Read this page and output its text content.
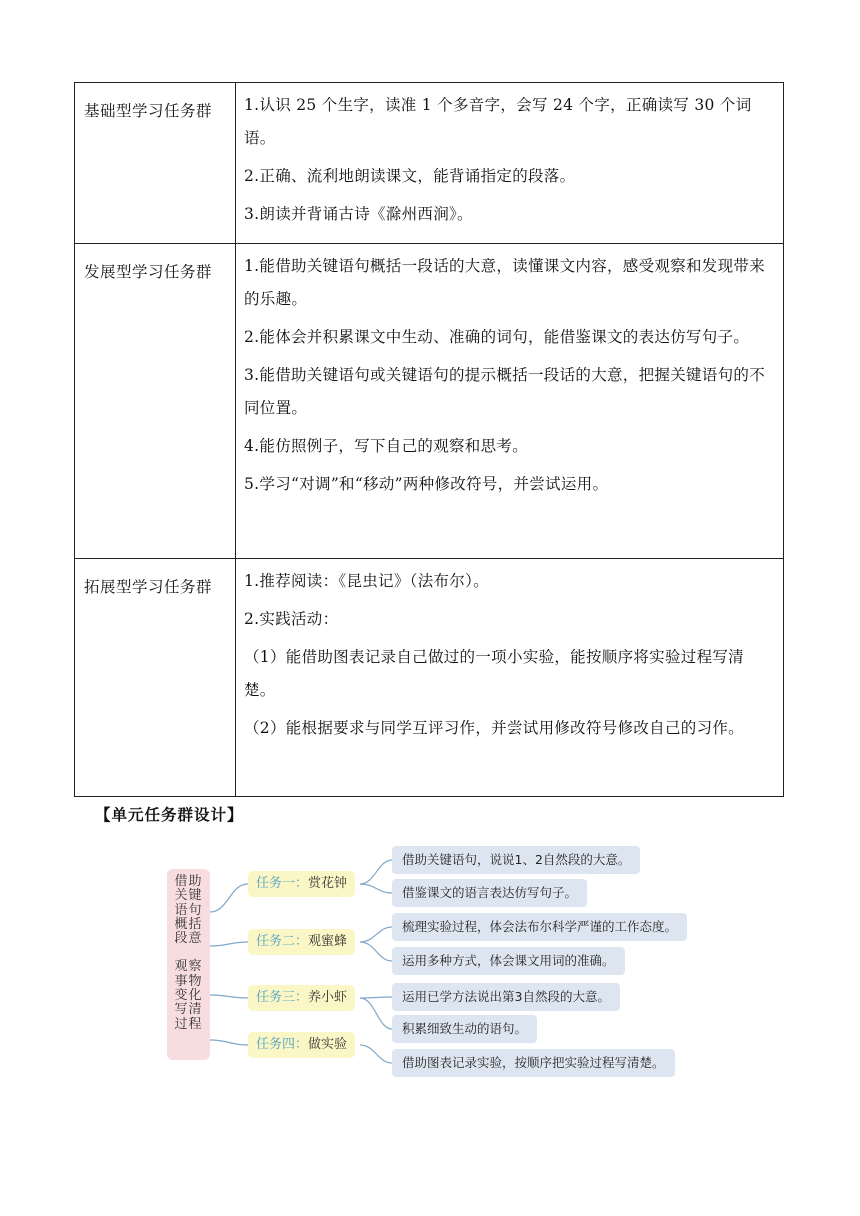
基础型学习任务群	1.认识 25 个生字，读准 1 个多音字，会写 24 个字，正确读写 30 个词语。
2.正确、流利地朗读课文，能背诵指定的段落。
3.朗读并背诵古诗《滁州西涧》。

发展型学习任务群	1.能借助关键语句概括一段话的大意，读懂课文内容，感受观察和发现带来的乐趣。
2.能体会并积累课文中生动、准确的词句，能借鉴课文的表达仿写句子。
3.能借助关键语句或关键语句的提示概括一段话的大意，把握关键语句的不同位置。
4.能仿照例子，写下自己的观察和思考。
5.学习“对调”和“移动”两种修改符号，并尝试运用。

拓展型学习任务群	1.推荐阅读：《昆虫记》（法布尔）。
2.实践活动：
（1）能借助图表记录自己做过的一项小实验，能按顺序将实验过程写清楚。
（2）能根据要求与同学互评习作，并尝试用修改符号修改自己的习作。
【单元任务群设计】
借助
关键
语句
概括
段意
观察
事物
变化
写清
过程
任务一：赏花钟
任务二：观蜜蜂
任务三：养小虾
任务四：做实验
借助关键语句，说说1、2自然段的大意。
借鉴课文的语言表达仿写句子。
梳理实验过程，体会法布尔科学严谨的工作态度。
运用多种方式，体会课文用词的准确。
运用已学方法说出第3自然段的大意。
积累细致生动的语句。
借助图表记录实验，按顺序把实验过程写清楚。
